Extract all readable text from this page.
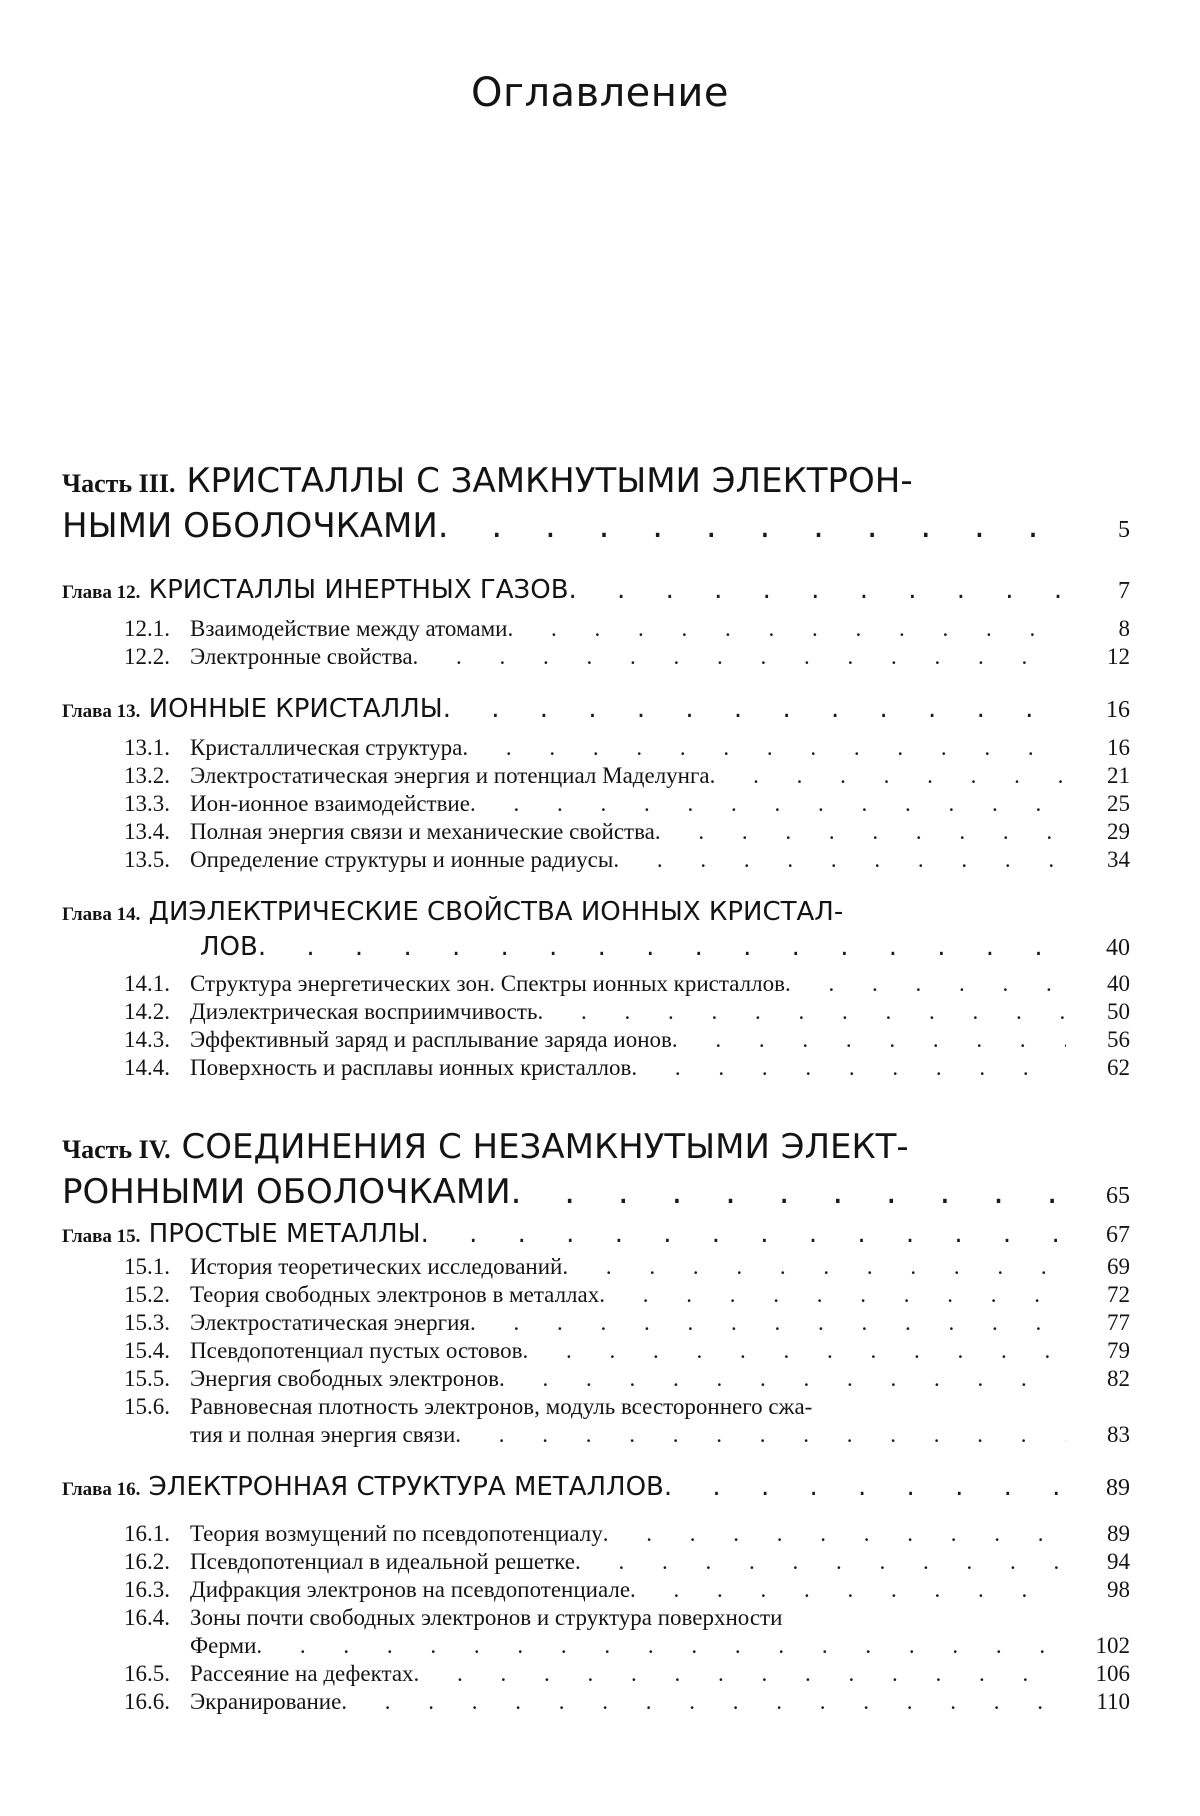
Оглавление
Часть III.
КРИСТАЛЛЫ С ЗАМКНУТЫМИ ЭЛЕКТРОН-
НЫМИ ОБОЛОЧКАМИ . . .	5
Глава 12.
КРИСТАЛЛЫ ИНЕРТНЫХ ГАЗОВ . . .	7
12.1. Взаимодействие между атомами . . .	8
12.2. Электронные свойства . . .	12
Глава 13.
ИОННЫЕ КРИСТАЛЛЫ . . .	16
13.1. Кристаллическая структура . . .	16
13.2. Электростатическая энергия и потенциал Маделунга . . .	21
13.3. Ион-ионное взаимодействие . . .	25
13.4. Полная энергия связи и механические свойства . . .	29
13.5. Определение структуры и ионные радиусы . . .	34
Глава 14.
ДИЭЛЕКТРИЧЕСКИЕ СВОЙСТВА ИОННЫХ КРИСТАЛ-
ЛОВ . . .	40
14.1. Структура энергетических зон. Спектры ионных кристаллов . . .	40
14.2. Диэлектрическая восприимчивость . . .	50
14.3. Эффективный заряд и расплывание заряда ионов . . .	56
14.4. Поверхность и расплавы ионных кристаллов . . .	62
Часть IV.
СОЕДИНЕНИЯ С НЕЗАМКНУТЫМИ ЭЛЕКТ-
РОННЫМИ ОБОЛОЧКАМИ . . .	65
Глава 15.
ПРОСТЫЕ МЕТАЛЛЫ . . .	67
15.1. История теоретических исследований . . .	69
15.2. Теория свободных электронов в металлах . . .	72
15.3. Электростатическая энергия . . .	77
15.4. Псевдопотенциал пустых остовов . . .	79
15.5. Энергия свободных электронов . . .	82
15.6. Равновесная плотность электронов, модуль всестороннего сжа-
тия и полная энергия связи . . .	83
Глава 16.
ЭЛЕКТРОННАЯ СТРУКТУРА МЕТАЛЛОВ . . .	89
16.1. Теория возмущений по псевдопотенциалу . . .	89
16.2. Псевдопотенциал в идеальной решетке . . .	94
16.3. Дифракция электронов на псевдопотенциале . . .	98
16.4. Зоны почти свободных электронов и структура поверхности
Ферми . . .	102
16.5. Рассеяние на дефектах . . .	106
16.6. Экранирование . . .	110
